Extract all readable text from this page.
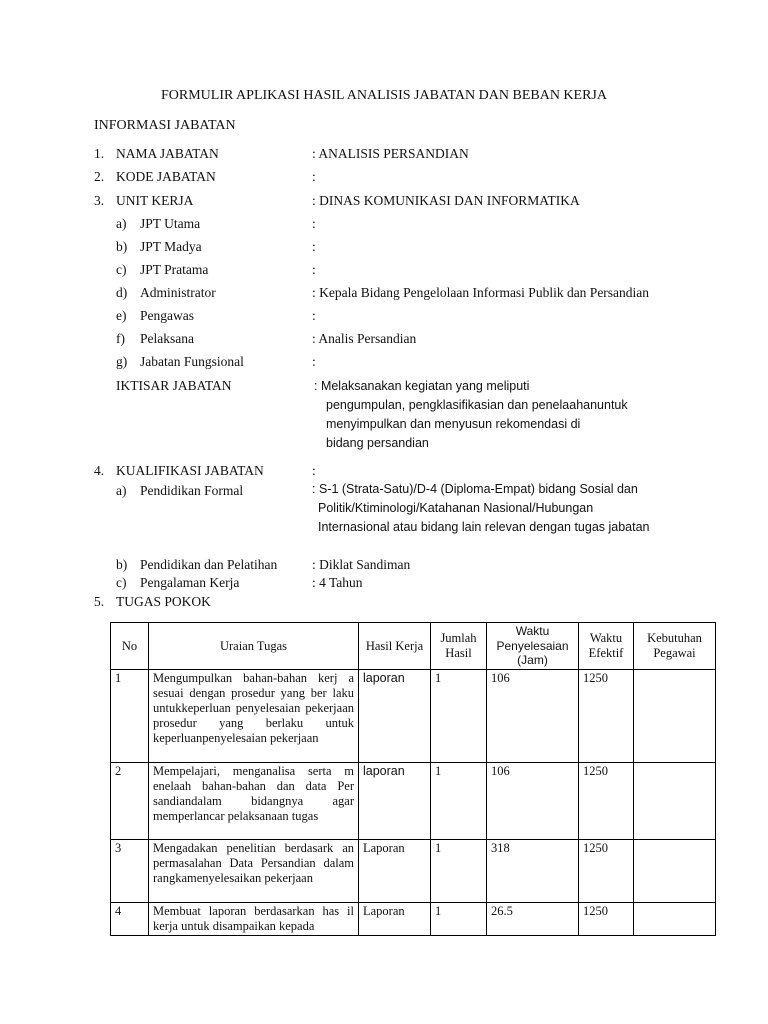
FORMULIR APLIKASI HASIL ANALISIS JABATAN DAN BEBAN KERJA
INFORMASI JABATAN
1. NAMA JABATAN	: ANALISIS PERSANDIAN
2. KODE JABATAN	:
3. UNIT KERJA	: DINAS KOMUNIKASI DAN INFORMATIKA
a) JPT Utama	:
b) JPT Madya	:
c) JPT Pratama	:
d) Administrator	: Kepala Bidang Pengelolaan Informasi Publik dan Persandian
e) Pengawas	:
f) Pelaksana	: Analis Persandian
g) Jabatan Fungsional	:
IKTISAR JABATAN	: Melaksanakan kegiatan yang meliputi
pengumpulan, pengklasifikasian dan penelaahanuntuk
menyimpulkan dan menyusun rekomendasi di
bidang persandian
4. KUALIFIKASI JABATAN	:
a) Pendidikan Formal	: S-1 (Strata-Satu)/D-4 (Diploma-Empat) bidang Sosial dan
Politik/Ktiminologi/Katahanan Nasional/Hubungan
Internasional atau bidang lain relevan dengan tugas jabatan
b) Pendidikan dan Pelatihan	: Diklat Sandiman
c) Pengalaman Kerja	: 4 Tahun
5. TUGAS POKOK
No	Uraian Tugas	Hasil Kerja	Jumlah Hasil	Waktu Penyelesaian (Jam)	Waktu Efektif	Kebutuhan Pegawai
1	Mengumpulkan bahan-bahan kerj a sesuai dengan prosedur yang ber laku untukkeperluan penyelesaian pekerjaan prosedur yang berlaku untuk keperluanpenyelesaian pekerjaan	laporan	1	106	1250	
2	Mempelajari, menganalisa serta m enelaah bahan-bahan dan data Per sandiandalam bidangnya agar memperlancar pelaksanaan tugas	laporan	1	106	1250	
3	Mengadakan penelitian berdasark an permasalahan Data Persandian dalam rangkamenyelesaikan pekerjaan	Laporan	1	318	1250	
4	Membuat laporan berdasarkan has il kerja untuk disampaikan kepada	Laporan	1	26.5	1250	
